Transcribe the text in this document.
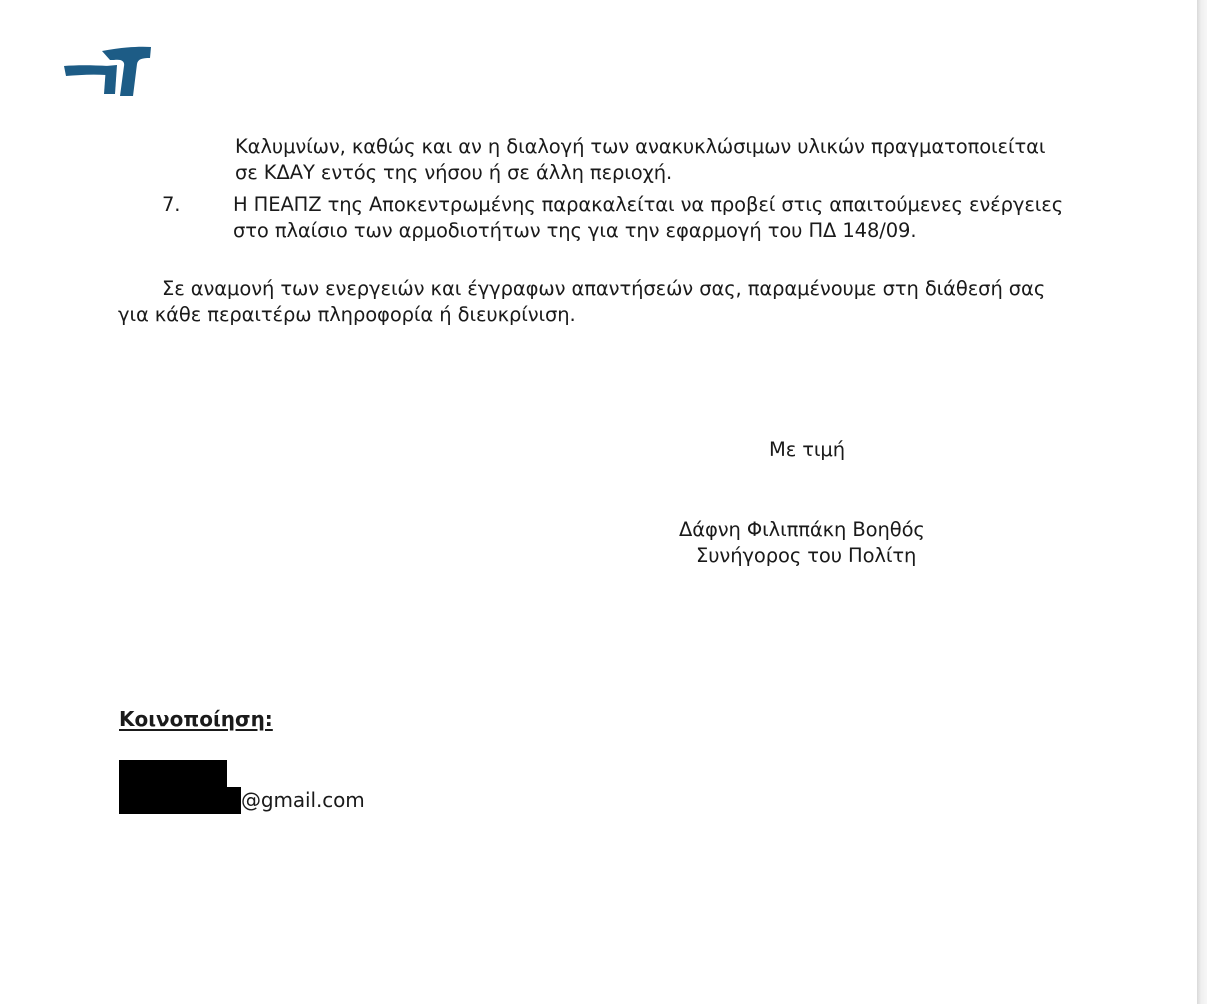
Καλυμνίων, καθώς και αν η διαλογή των ανακυκλώσιμων υλικών πραγματοποιείται
σε ΚΔΑΥ εντός της νήσου ή σε άλλη περιοχή.
7.	Η ΠΕΑΠΖ της Αποκεντρωμένης παρακαλείται να προβεί στις απαιτούμενες ενέργειες
στο πλαίσιο των αρμοδιοτήτων της για την εφαρμογή του ΠΔ 148/09.
Σε αναμονή των ενεργειών και έγγραφων απαντήσεών σας, παραμένουμε στη διάθεσή σας
για κάθε περαιτέρω πληροφορία ή διευκρίνιση.
Με τιμή
Δάφνη Φιλιππάκη Βοηθός
Συνήγορος του Πολίτη
Κοινοποίηση:
@gmail.com
